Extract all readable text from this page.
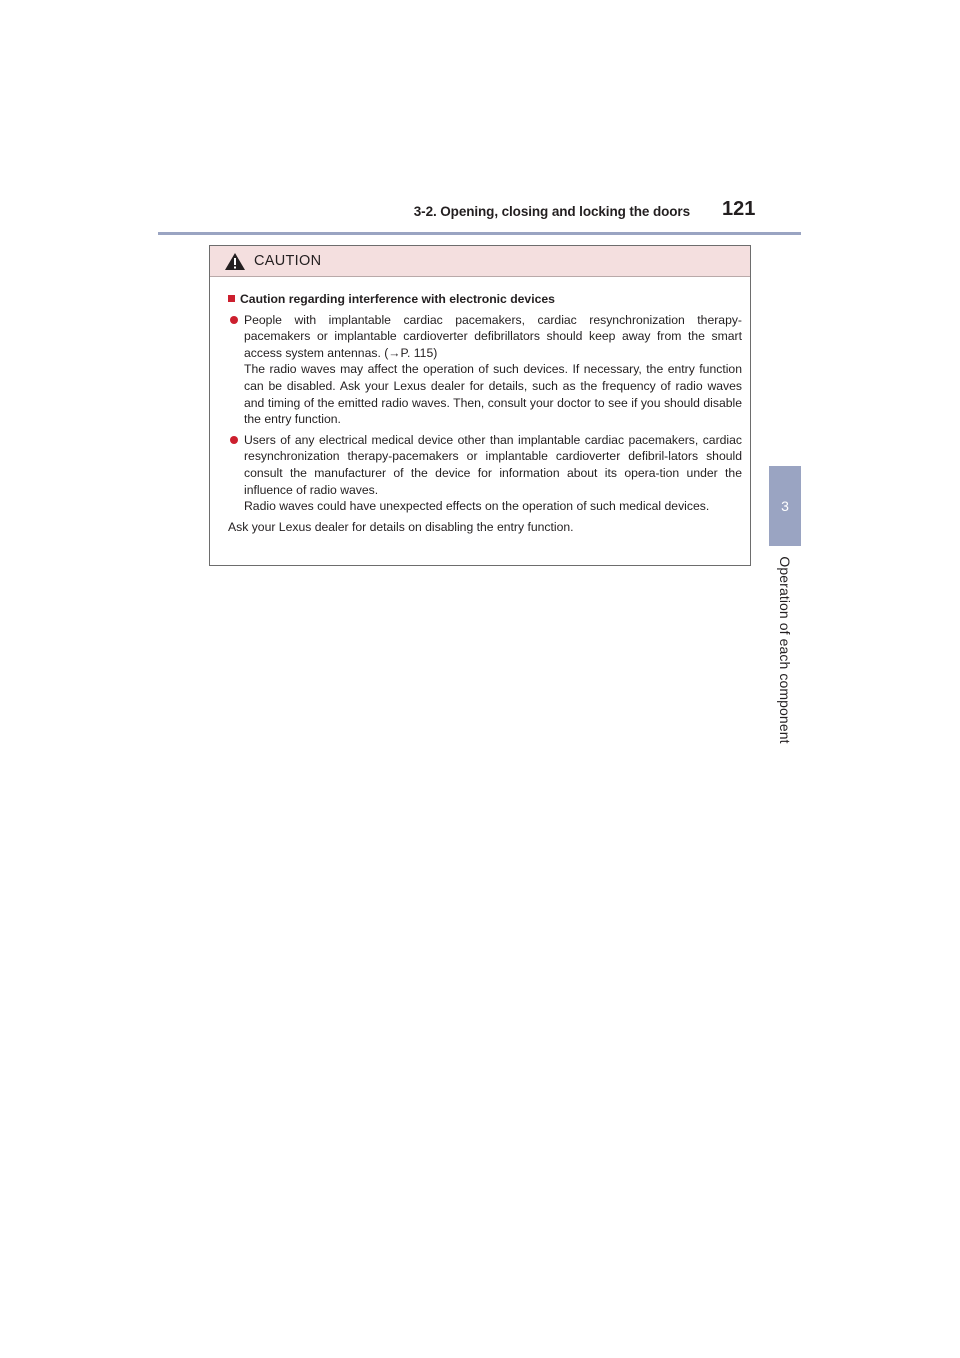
3-2. Opening, closing and locking the doors 121
3
Operation of each component
CAUTION
Caution regarding interference with electronic devices

People with implantable cardiac pacemakers, cardiac resynchronization therapy-pacemakers or implantable cardioverter defibrillators should keep away from the smart access system antennas. (→P. 115)

The radio waves may affect the operation of such devices. If necessary, the entry function can be disabled. Ask your Lexus dealer for details, such as the frequency of radio waves and timing of the emitted radio waves. Then, consult your doctor to see if you should disable the entry function.

Users of any electrical medical device other than implantable cardiac pacemakers, cardiac resynchronization therapy-pacemakers or implantable cardioverter defibril-lators should consult the manufacturer of the device for information about its opera-tion under the influence of radio waves.

Radio waves could have unexpected effects on the operation of such medical devices.

Ask your Lexus dealer for details on disabling the entry function.
